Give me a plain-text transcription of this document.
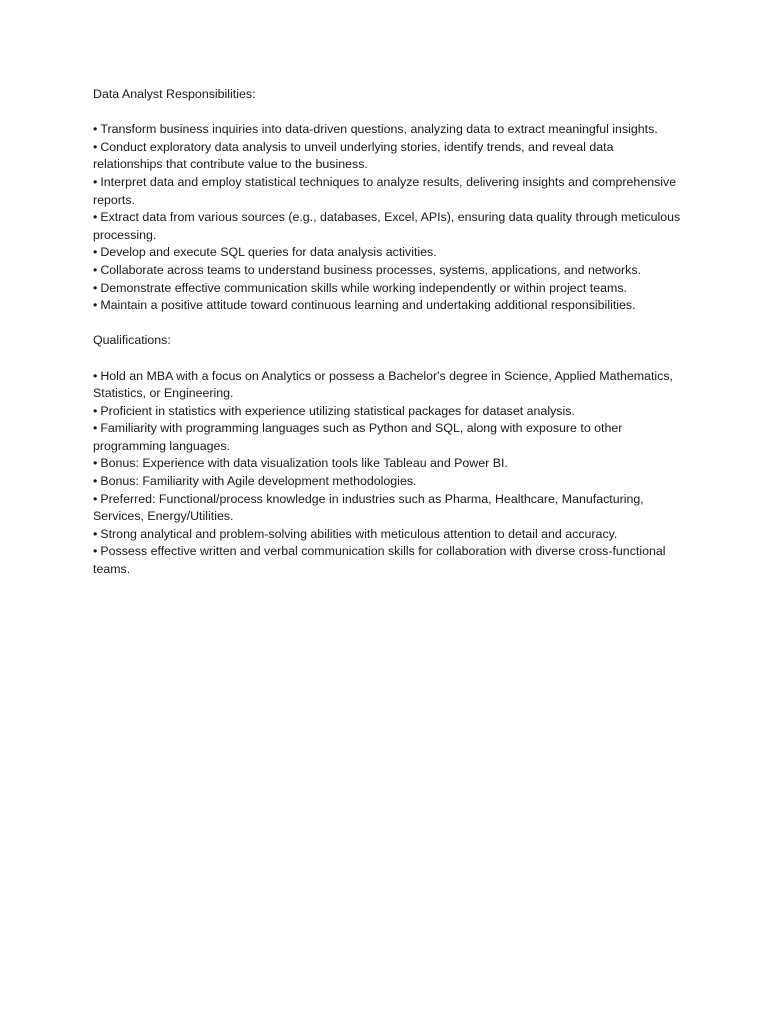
Data Analyst Responsibilities:

• Transform business inquiries into data-driven questions, analyzing data to extract meaningful insights.
• Conduct exploratory data analysis to unveil underlying stories, identify trends, and reveal data relationships that contribute value to the business.
• Interpret data and employ statistical techniques to analyze results, delivering insights and comprehensive reports.
• Extract data from various sources (e.g., databases, Excel, APIs), ensuring data quality through meticulous processing.
• Develop and execute SQL queries for data analysis activities.
• Collaborate across teams to understand business processes, systems, applications, and networks.
• Demonstrate effective communication skills while working independently or within project teams.
• Maintain a positive attitude toward continuous learning and undertaking additional responsibilities.

Qualifications:

• Hold an MBA with a focus on Analytics or possess a Bachelor's degree in Science, Applied Mathematics, Statistics, or Engineering.
• Proficient in statistics with experience utilizing statistical packages for dataset analysis.
• Familiarity with programming languages such as Python and SQL, along with exposure to other programming languages.
• Bonus: Experience with data visualization tools like Tableau and Power BI.
• Bonus: Familiarity with Agile development methodologies.
• Preferred: Functional/process knowledge in industries such as Pharma, Healthcare, Manufacturing, Services, Energy/Utilities.
• Strong analytical and problem-solving abilities with meticulous attention to detail and accuracy.
• Possess effective written and verbal communication skills for collaboration with diverse cross-functional teams.
